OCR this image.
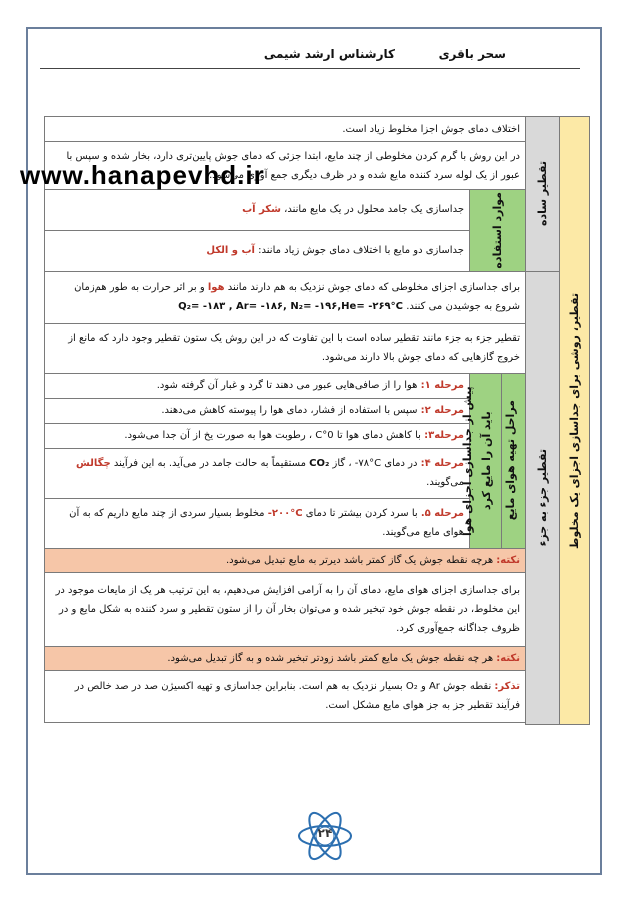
سحر باقری
کارشناس ارشد شیمی
تقطیر، روشی برای جداسازی اجزای یک مخلوط	تقطیر ساده	اختلاف دمای جوش اجزا مخلوط زیاد است.		
		در این روش با گرم کردن مخلوطی از چند مایع، ابتدا جزئی که دمای جوش پایین‌تری دارد، بخار شده و سپس با عبور از یک لوله سرد کننده مایع شده و در ظرف دیگری جمع آوری می‌شود.		

		موارد استفاده		جداسازی یک جامد محلول در یک مایع مانند، شکر آب
				جداسازی دو مایع با اختلاف دمای جوش زیاد مانند: آب و الکل

	تقطیر جزء به جزء	برای جداسازی اجزای مخلوطی که دمای جوش نزدیک به هم دارند مانند هوا و بر اثر حرارت به طور هم‌زمان شروع به جوشیدن می کنند. Q₂= -۱۸۳ , Ar= -۱۸۶, N₂= -۱۹۶,He= -۲۶۹°C		
		تقطیر جزء به جزء مانند تقطیر ساده است با این تفاوت که در این روش یک ستون تقطیر وجود دارد که مانع از خروج گازهایی که دمای جوش بالا دارند می‌شود.		

		مراحل تهیه هوای مایع	پیش از جداسازی اجزای هوا باید آن را مایع کرد	مرحله ۱: هوا را از صافی‌هایی عبور می دهند تا گرد و غبار آن گرفته شود.
				مرحله ۲: سپس با استفاده از فشار، دمای هوا را پیوسته کاهش می‌دهند.
				مرحله۳: با کاهش دمای هوا تا 0°C ، رطوبت هوا به صورت یخ از آن جدا می‌شود.
				مرحله ۴: در دمای ‎-۷۸°C‎ ، گاز CO₂ مستقیماً به حالت جامد در می‌آید. به این فرآیند چگالش می‌گویند.
				مرحله ۵. با سرد کردن بیشتر تا دمای ‎-۲۰۰°C‎ مخلوط بسیار سردی از چند مایع داریم که به آن هوای مایع می‌گویند.
		نکته: هرچه نقطه جوش یک گاز کمتر باشد دیرتر به مایع تبدیل می‌شود.		
		برای جداسازی اجزای هوای مایع، دمای آن را به آرامی افزایش می‌دهیم، به این ترتیب هر یک از مایعات موجود در این مخلوط، در نقطه جوش خود تبخیر شده و می‌توان بخار آن را از ستون تقطیر و سرد کننده به شکل مایع و در ظروف جداگانه جمع‌آوری کرد.		
		نکته: هر چه نقطه جوش یک مایع کمتر باشد زودتر تبخیر شده و به گاز تبدیل می‌شود.		
		تذکر: نقطه جوش Ar و O₂ بسیار نزدیک به هم است. بنابراین جداسازی و تهیه اکسیژن صد در صد خالص در فرآیند تقطیر جز به جز هوای مایع مشکل است.		

www.hanapevhd.ir
۲۴
